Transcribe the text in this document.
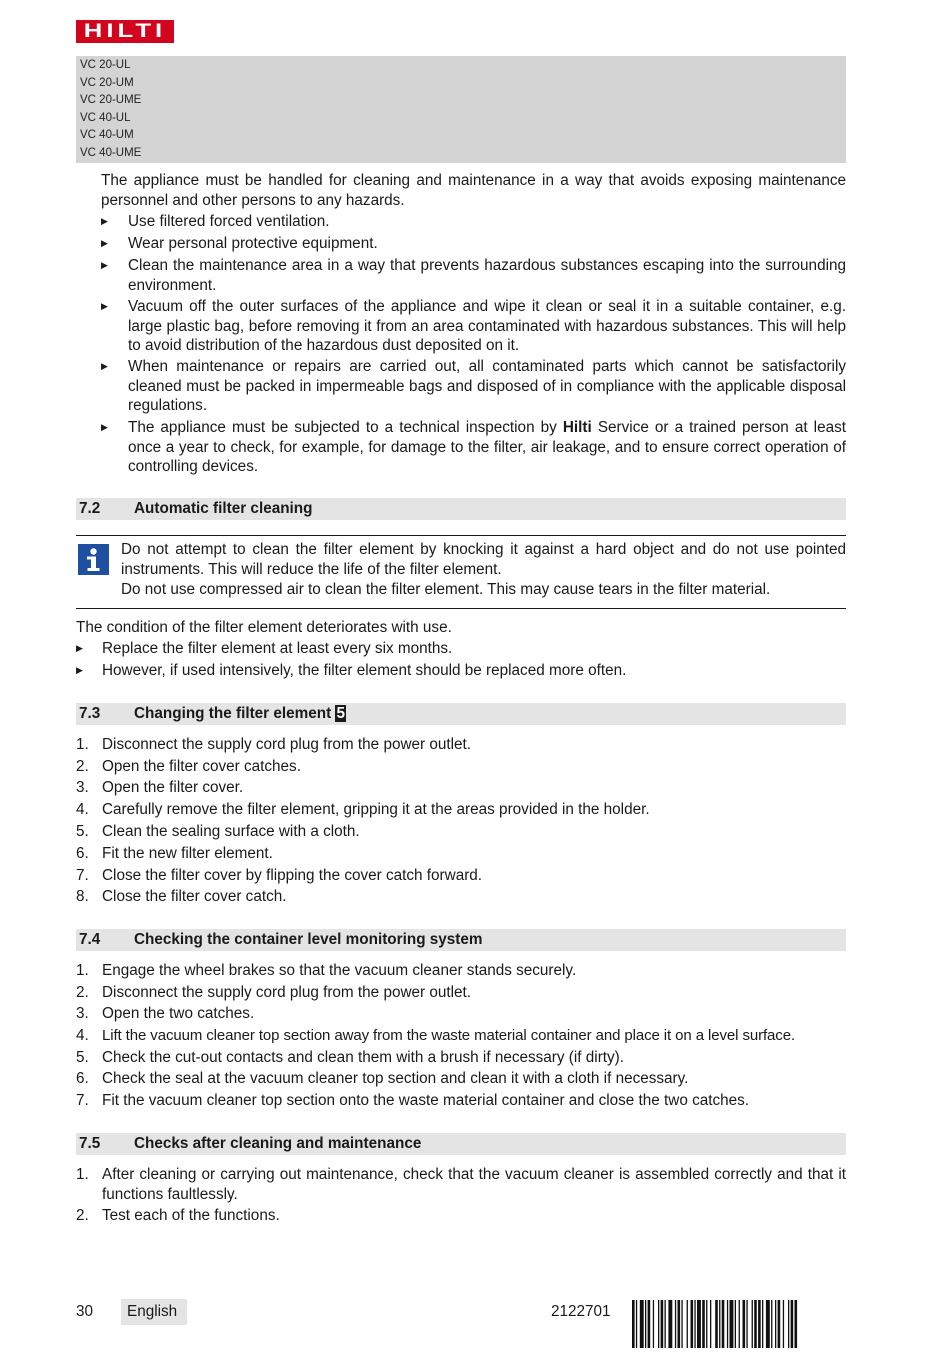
HILTI
VC 20-UL
VC 20-UM
VC 20-UME
VC 40-UL
VC 40-UM
VC 40-UME
The appliance must be handled for cleaning and maintenance in a way that avoids exposing maintenance personnel and other persons to any hazards.
▶ Use filtered forced ventilation.
▶ Wear personal protective equipment.
▶ Clean the maintenance area in a way that prevents hazardous substances escaping into the surrounding environment.
▶ Vacuum off the outer surfaces of the appliance and wipe it clean or seal it in a suitable container, e.g. large plastic bag, before removing it from an area contaminated with hazardous substances. This will help to avoid distribution of the hazardous dust deposited on it.
▶ When maintenance or repairs are carried out, all contaminated parts which cannot be satisfactorily cleaned must be packed in impermeable bags and disposed of in compliance with the applicable disposal regulations.
▶ The appliance must be subjected to a technical inspection by Hilti Service or a trained person at least once a year to check, for example, for damage to the filter, air leakage, and to ensure correct operation of controlling devices.
7.2 Automatic filter cleaning
Do not attempt to clean the filter element by knocking it against a hard object and do not use pointed instruments. This will reduce the life of the filter element.
Do not use compressed air to clean the filter element. This may cause tears in the filter material.
The condition of the filter element deteriorates with use.
▶ Replace the filter element at least every six months.
▶ However, if used intensively, the filter element should be replaced more often.
7.3 Changing the filter element 5
1. Disconnect the supply cord plug from the power outlet.
2. Open the filter cover catches.
3. Open the filter cover.
4. Carefully remove the filter element, gripping it at the areas provided in the holder.
5. Clean the sealing surface with a cloth.
6. Fit the new filter element.
7. Close the filter cover by flipping the cover catch forward.
8. Close the filter cover catch.
7.4 Checking the container level monitoring system
1. Engage the wheel brakes so that the vacuum cleaner stands securely.
2. Disconnect the supply cord plug from the power outlet.
3. Open the two catches.
4. Lift the vacuum cleaner top section away from the waste material container and place it on a level surface.
5. Check the cut-out contacts and clean them with a brush if necessary (if dirty).
6. Check the seal at the vacuum cleaner top section and clean it with a cloth if necessary.
7. Fit the vacuum cleaner top section onto the waste material container and close the two catches.
7.5 Checks after cleaning and maintenance
1. After cleaning or carrying out maintenance, check that the vacuum cleaner is assembled correctly and that it functions faultlessly.
2. Test each of the functions.
30	English	2122701
